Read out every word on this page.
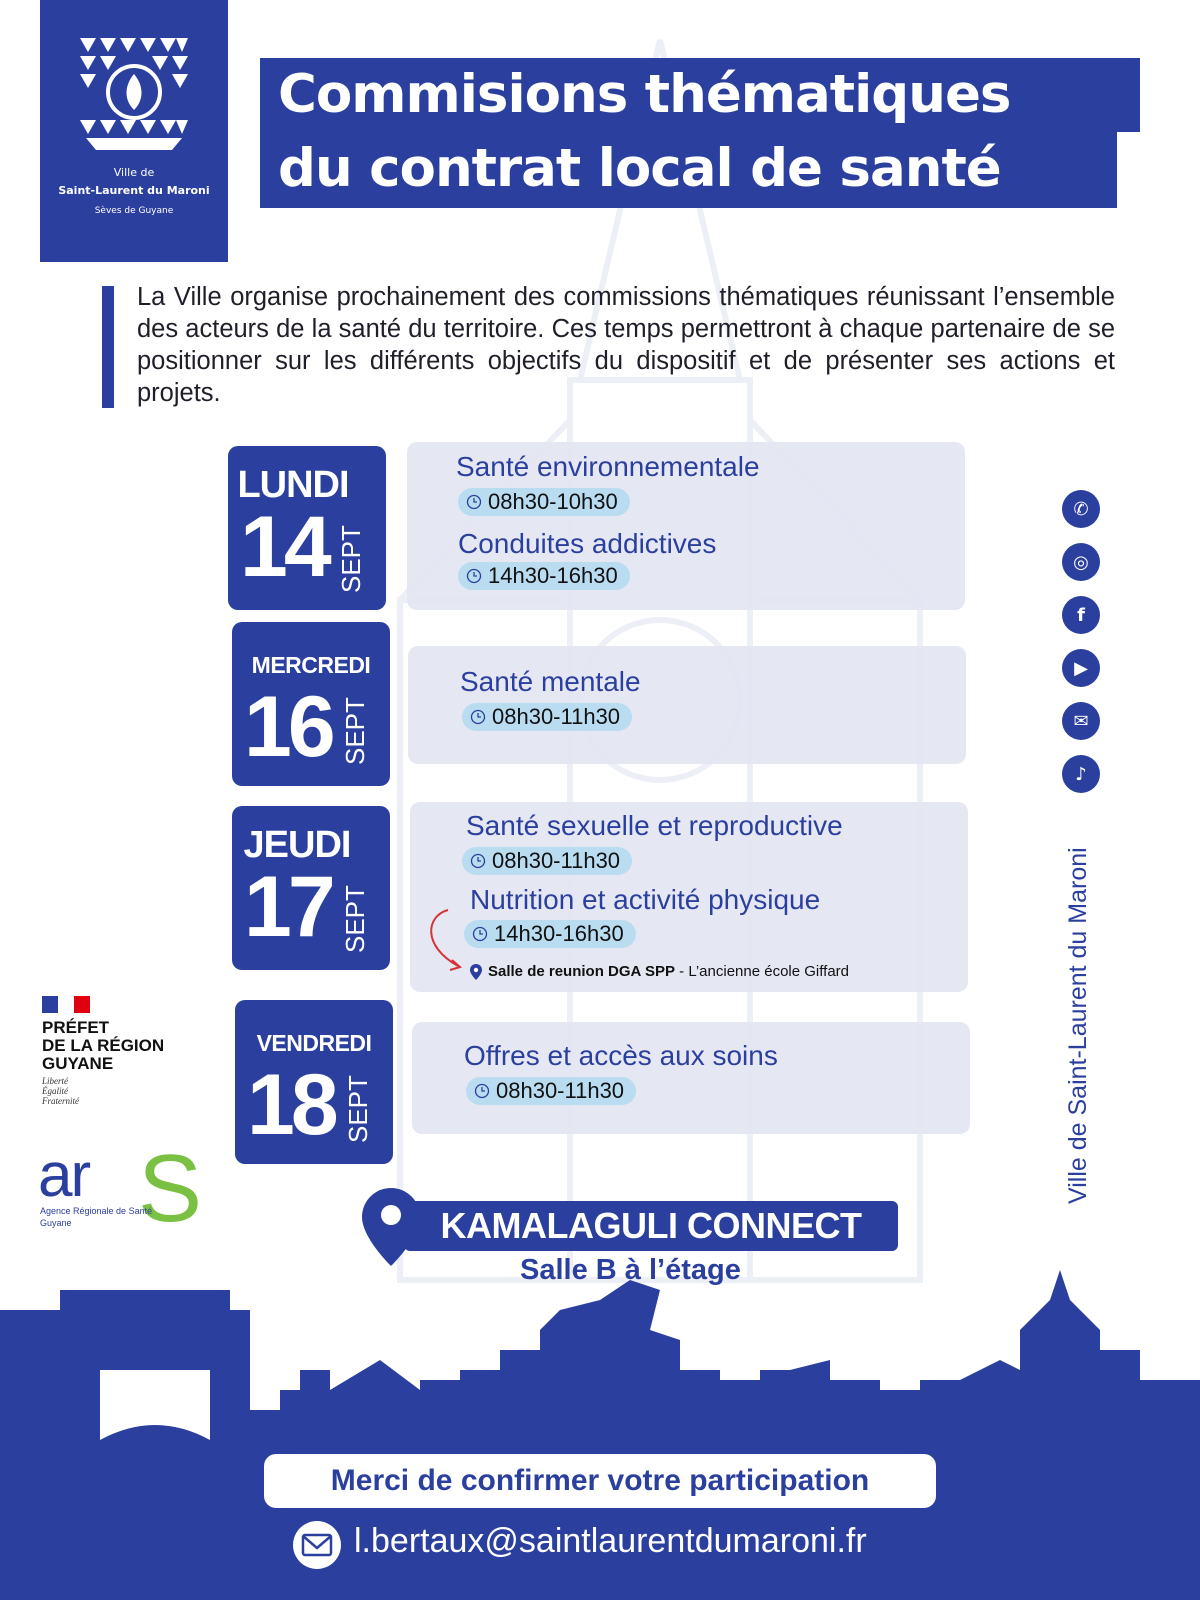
Ville de
Saint-Laurent du Maroni
Sèves de Guyane
Commisions thématiques
du contrat local de santé

La Ville organise prochainement des commissions thématiques réunissant l’ensemble des acteurs de la santé du territoire. Ces temps permettront à chaque partenaire de se positionner sur les différents objectifs du dispositif et de présenter ses actions et projets.

LUNDI
14 SEPT
Santé environnementale
08h30-10h30
Conduites addictives
14h30-16h30
MERCREDI
16 SEPT
Santé mentale
08h30-11h30
JEUDI
17 SEPT
Santé sexuelle et reproductive
08h30-11h30
Nutrition et activité physique
14h30-16h30
Salle de reunion DGA SPP - L’ancienne école Giffard
VENDREDI
18 SEPT
Offres et accès aux soins
08h30-11h30
PRÉFET
DE LA RÉGION
GUYANE
Liberté
Égalité
Fraternité
ar S
Agence Régionale de Santé
Guyane	KAMALAGULI CONNECT
Salle B à l’étage
✆
◎
f
▶
✉
♪
Ville de Saint-Laurent du Maroni
Merci de confirmer votre participation
l.bertaux@saintlaurentdumaroni.fr
